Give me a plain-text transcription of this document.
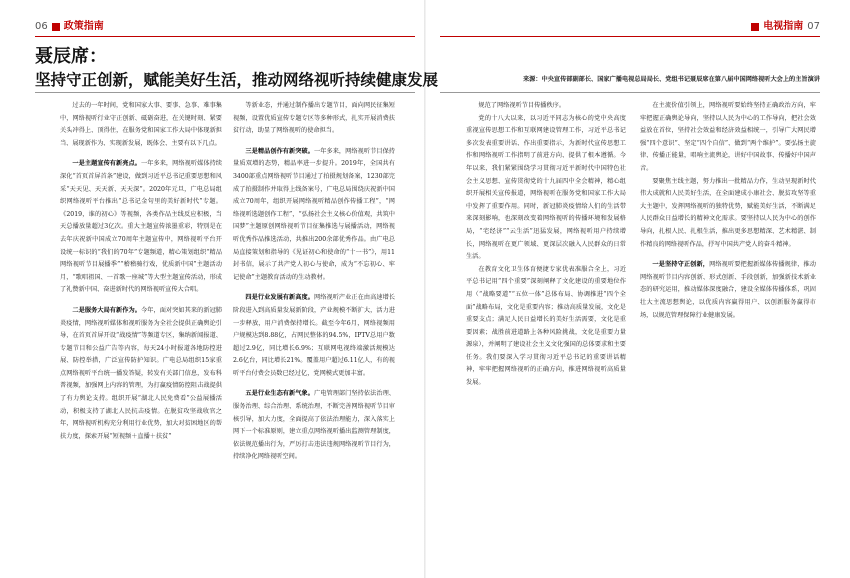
06 政策指南	电视指南 07
聂辰席：
坚持守正创新，赋能美好生活，推动网络视听持续健康发展	来源：中央宣传部副部长、国家广播电视总局局长、党组书记聂辰席在第八届中国网络视听大会上的主旨演讲

过去的一年时间，党和国家大事、要事、急事、难事集中，网络视听行业守正创新、砥砺奋进，在关键时刻、紧要关头冲得上、顶得住，在服务党和国家工作大局中体现新担当、展现新作为、实现新发展，既体会、主要有以下几点。

一是主题宣传有新亮点。一年多来，网络视听媒体持续深化“首页首屏首条”建设，做到习近平总书记重要思想和风采“天天见、天天新、天天深”。2020年元旦，广电总局组织网络视听平台推出“总书记金句里的美好新时代”专题。《2019，谁的初心》等视频，各类作品主线反应积极，当天总播放量超过3亿次。重大主题宣传浓墨重彩，特别是在去年庆祝新中国成立70周年主题宣传中，网络视听平台开设统一标识的“我们的70年”专题频道，精心策划组织“精品网络视听节目展播季”“稽稽骑行戏，优质新中国”主题活动月，“歌唱祖国、一首歌一座城”等大型主题宣传活动，形成了礼赞新中国、奋进新时代的网络视听宣传大合唱。

二是服务大局有新作为。今年，面对突如其来的新冠肺炎疫情，网络视听媒体和视听服务为全社会提供正确舆论引导，在首页首屏开设“战疫情”等频道专区，集纳新闻报道、专题节目和公益广告等内容，每天24小时报道各地防控进展、防控举措，广泛宣传防护知识。广电总局组织15家重点网络视听平台统一播发答疑，转发有关部门信息，发布科普视频，加强网上内容的管理，为打赢疫情防控阻击战提供了有力舆论支持。组织开展“湖北人民免费看”公益展播活动，积极支持了湖北人民抗击疫情。在脱贫攻坚战收官之年，网络视听机构充分利用行业优势，加大对贫困地区的帮扶力度，探索开展“短视频＋直播＋扶贫”

等新业态，并通过制作播出专题节目，面向网民征集短视频，设置优质宣传专题专区等多种形式，扎实开展消费扶贫行动，助显了网络视听的使命担当。

三是精品创作有新突破。一年多来，网络视听节目保持量质双增的态势，精品率进一步提升。2019年，全国共有3400部重点网络视听节目通过了拍摄规划备案，1230部完成了拍摄制作并取得上线备案号，广电总局围绕庆祝新中国成立70周年，组织开展网络视听精品创作传播工程”，“网络视听选题创作工程”，“弘扬社会主义核心价值观，共筑中国梦”主题原创网络视听节目征集推选与展播活动，网络视听优秀作品推选活动，共推出200余部优秀作品。由广电总局直接策划和指导的《见证初心和使命的“十一书”》，用11封书信，展示了共产党人初心与使命，成为“不忘初心、牢记使命”主题教育活动的生动教材。

四是行业发展有新高度。网络视听产业正在由高速增长阶段进入到高质量发展新阶段，产业规模不断扩大，活力进一步释放，用户消费保持增长。截至今年6月，网络视频用户规模达到8.88亿，占网民整体的94.5%，IPTV总用户数超过2.9亿，同比增长6.9%；互联网电视终端激活规模达2.6亿台，同比增长21%。覆盖用户超过6.11亿人，有的视听平台付费会员数已经过亿，党网模式更加丰富。

五是行业生态有新气象。广电管理部门坚持依法治理、服务治理、综合治理、系统治理，不断完善网络视听节目审核引导，加大力度，全面提高了依法治理能力，深入落实上网下一个标准原则，建立重点网络视听播出监测管理制度，依法规范播出行为，严厉打击违法违规网络视听节目行为，持续净化网络视听空间。

规范了网络视听节目传播秩序。

党的十八大以来，以习近平同志为核心的党中央高度重视宣传思想工作和互联网建设管理工作，习近平总书记多次发表重要讲话、作出重要指示，为新时代宣传思想工作和网络视听工作指明了前进方向、提供了根本遵循。今年以来，我们紧紧围绕学习贯彻习近平新时代中国特色社会主义思想、宣传贯彻党的十九届四中全会精神，精心组织开展相关宣传报道，网络视听在服务党和国家工作大局中发挥了重要作用。同时，新冠肺炎疫情给人们的生活带来深刻影响，也深刻改变着网络视听的传播环境和发展格局，“宅经济”“云生活”迅猛发展，网络视听用户持续增长，网络视听在更广领域、更深层次融入人民群众的日常生活。

在教育文化卫生体育便捷专家优表准服合全上，习近平总书记用“四个重要”深刻阐释了文化建设的重要地位作用（“战略要道”“五位一体”总体布局、协调推进“四个全面”战略布局，文化是重要内容；推动高质量发展，文化是重要支点；满足人民日益增长的美好生活需要，文化是重要因素；战胜前进道路上各种风险挑战，文化是重要力量源泉），并阐明了建设社会主义文化强国的总体要求和主要任务。我们要深入学习贯彻习近平总书记的重要讲话精神，牢牢把握网络视听的正确方向，推进网络视听高质量发展。

在主流价值引领上，网络视听要始终坚持正确政治方向，牢牢把握正确舆论导向，坚持以人民为中心的工作导向，把社会效益放在首位，坚持社会效益和经济效益相统一，引导广大网民增强“四个意识”、坚定“四个自信”、做到“两个维护”。要弘扬主旋律、传播正能量，唱响主流舆论，讲好中国故事、传播好中国声音。

要聚焦主线主题，努力推出一批精品力作，生动呈现新时代伟大成就和人民美好生活，在全面建成小康社会、脱贫攻坚等重大主题中，发挥网络视听的独特优势，赋能美好生活，不断满足人民群众日益增长的精神文化需求。要坚持以人民为中心的创作导向，扎根人民、扎根生活，推出更多思想精深、艺术精湛、制作精良的网络视听作品，抒写中国共产党人的奋斗精神。

一是坚持守正创新，网络视听要把握新媒体传播规律，推动网络视听节目内容创新、形式创新、手段创新，加强新技术新业态的研究运用，推动媒体深度融合，建设全媒体传播体系，巩固壮大主流思想舆论，以优质内容赢得用户、以创新服务赢得市场，以规范管理保障行业健康发展。
